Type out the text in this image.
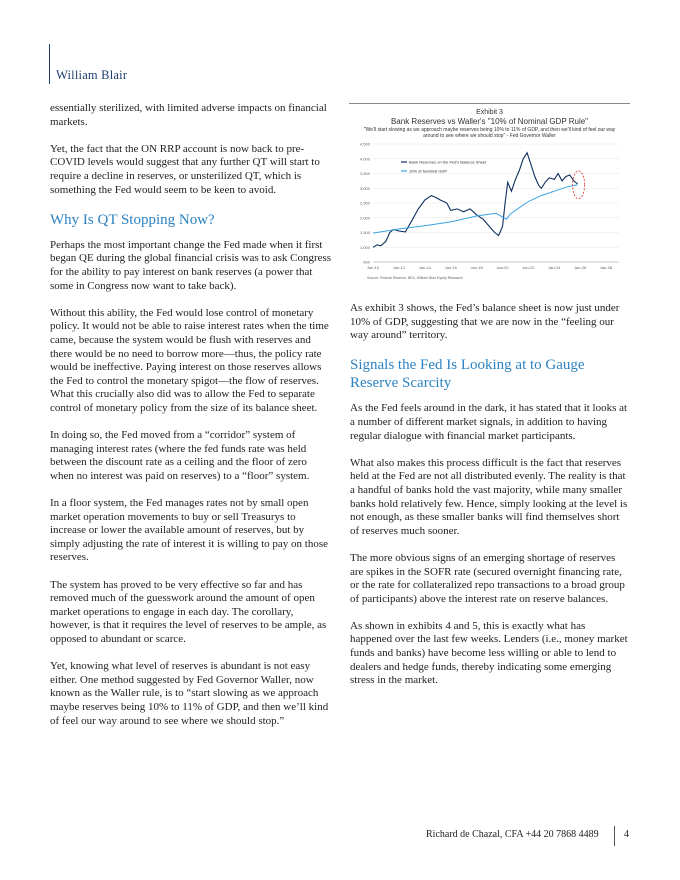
William Blair

essentially sterilized, with limited adverse impacts on financial markets.

Yet, the fact that the ON RRP account is now back to pre-COVID levels would suggest that any further QT will start to require a decline in reserves, or unsterilized QT, which is something the Fed would seem to be keen to avoid.

Why Is QT Stopping Now?

Perhaps the most important change the Fed made when it first began QE during the global financial crisis was to ask Congress for the ability to pay interest on bank reserves (a power that some in Congress now want to take back).

Without this ability, the Fed would lose control of monetary policy. It would not be able to raise interest rates when the time came, because the system would be flush with reserves and there would be no need to borrow more—thus, the policy rate would be ineffective. Paying interest on those reserves allows the Fed to control the monetary spigot—the flow of reserves. What this crucially also did was to allow the Fed to separate control of monetary policy from the size of its balance sheet.

In doing so, the Fed moved from a “corridor” system of managing interest rates (where the fed funds rate was held between the discount rate as a ceiling and the floor of zero when no interest was paid on reserves) to a “floor” system.

In a floor system, the Fed manages rates not by small open market operation movements to buy or sell Treasurys to increase or lower the available amount of reserves, but by simply adjusting the rate of interest it is willing to pay on those reserves.

The system has proved to be very effective so far and has removed much of the guesswork around the amount of open market operations to engage in each day. The corollary, however, is that it requires the level of reserves to be ample, as opposed to abundant or scarce.

Yet, knowing what level of reserves is abundant is not easy either. One method suggested by Fed Governor Waller, now known as the Waller rule, is to “start slowing as we approach maybe reserves being 10% to 11% of GDP, and then we’ll kind of feel our way around to see where we should stop.”

Exhibit 3
Bank Reserves vs Waller's "10% of Nominal GDP Rule"
"We'll start slowing as we approach maybe reserves being 10% to 11% of GDP, and then we'll kind of feel our way around to see where we should stop" - Fed Governor Waller
500
1,000
1,500
2,000
2,500
3,000
3,500
4,000
4,500
Jan-10	Jan-12	Jan-14	Jan-16	Jan-18	Jan-20	Jan-22	Jan-24	Jan-26	Jan-28
Bank Reserves on the Fed's Balance Sheet
10% of Nominal GDP
Source: Federal Reserve, BEA, William Blair Equity Research

As exhibit 3 shows, the Fed’s balance sheet is now just under 10% of GDP, suggesting that we are now in the “feeling our way around” territory.

Signals the Fed Is Looking at to Gauge Reserve Scarcity

As the Fed feels around in the dark, it has stated that it looks at a number of different market signals, in addition to having regular dialogue with financial market participants.

What also makes this process difficult is the fact that reserves held at the Fed are not all distributed evenly. The reality is that a handful of banks hold the vast majority, while many smaller banks hold relatively few. Hence, simply looking at the level is not enough, as these smaller banks will find themselves short of reserves much sooner.

The more obvious signs of an emerging shortage of reserves are spikes in the SOFR rate (secured overnight financing rate, or the rate for collateralized repo transactions to a broad group of participants) above the interest rate on reserve balances.

As shown in exhibits 4 and 5, this is exactly what has happened over the last few weeks. Lenders (i.e., money market funds and banks) have become less willing or able to lend to dealers and hedge funds, thereby indicating some emerging stress in the market.

Richard de Chazal, CFA +44 20 7868 4489	4
